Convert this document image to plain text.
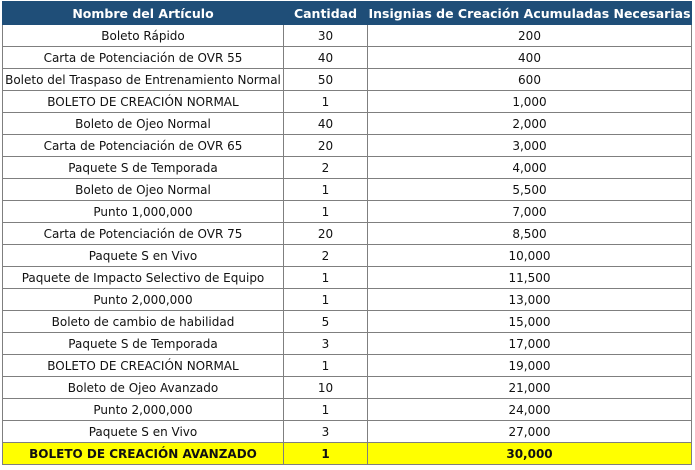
Nombre del Artículo	Cantidad	Insignias de Creación Acumuladas Necesarias
Boleto Rápido	30	200
Carta de Potenciación de OVR 55	40	400
Boleto del Traspaso de Entrenamiento Normal	50	600
BOLETO DE CREACIÓN NORMAL	1	1,000
Boleto de Ojeo Normal	40	2,000
Carta de Potenciación de OVR 65	20	3,000
Paquete S de Temporada	2	4,000
Boleto de Ojeo Normal	1	5,500
Punto 1,000,000	1	7,000
Carta de Potenciación de OVR 75	20	8,500
Paquete S en Vivo	2	10,000
Paquete de Impacto Selectivo de Equipo	1	11,500
Punto 2,000,000	1	13,000
Boleto de cambio de habilidad	5	15,000
Paquete S de Temporada	3	17,000
BOLETO DE CREACIÓN NORMAL	1	19,000
Boleto de Ojeo Avanzado	10	21,000
Punto 2,000,000	1	24,000
Paquete S en Vivo	3	27,000
BOLETO DE CREACIÓN AVANZADO	1	30,000
